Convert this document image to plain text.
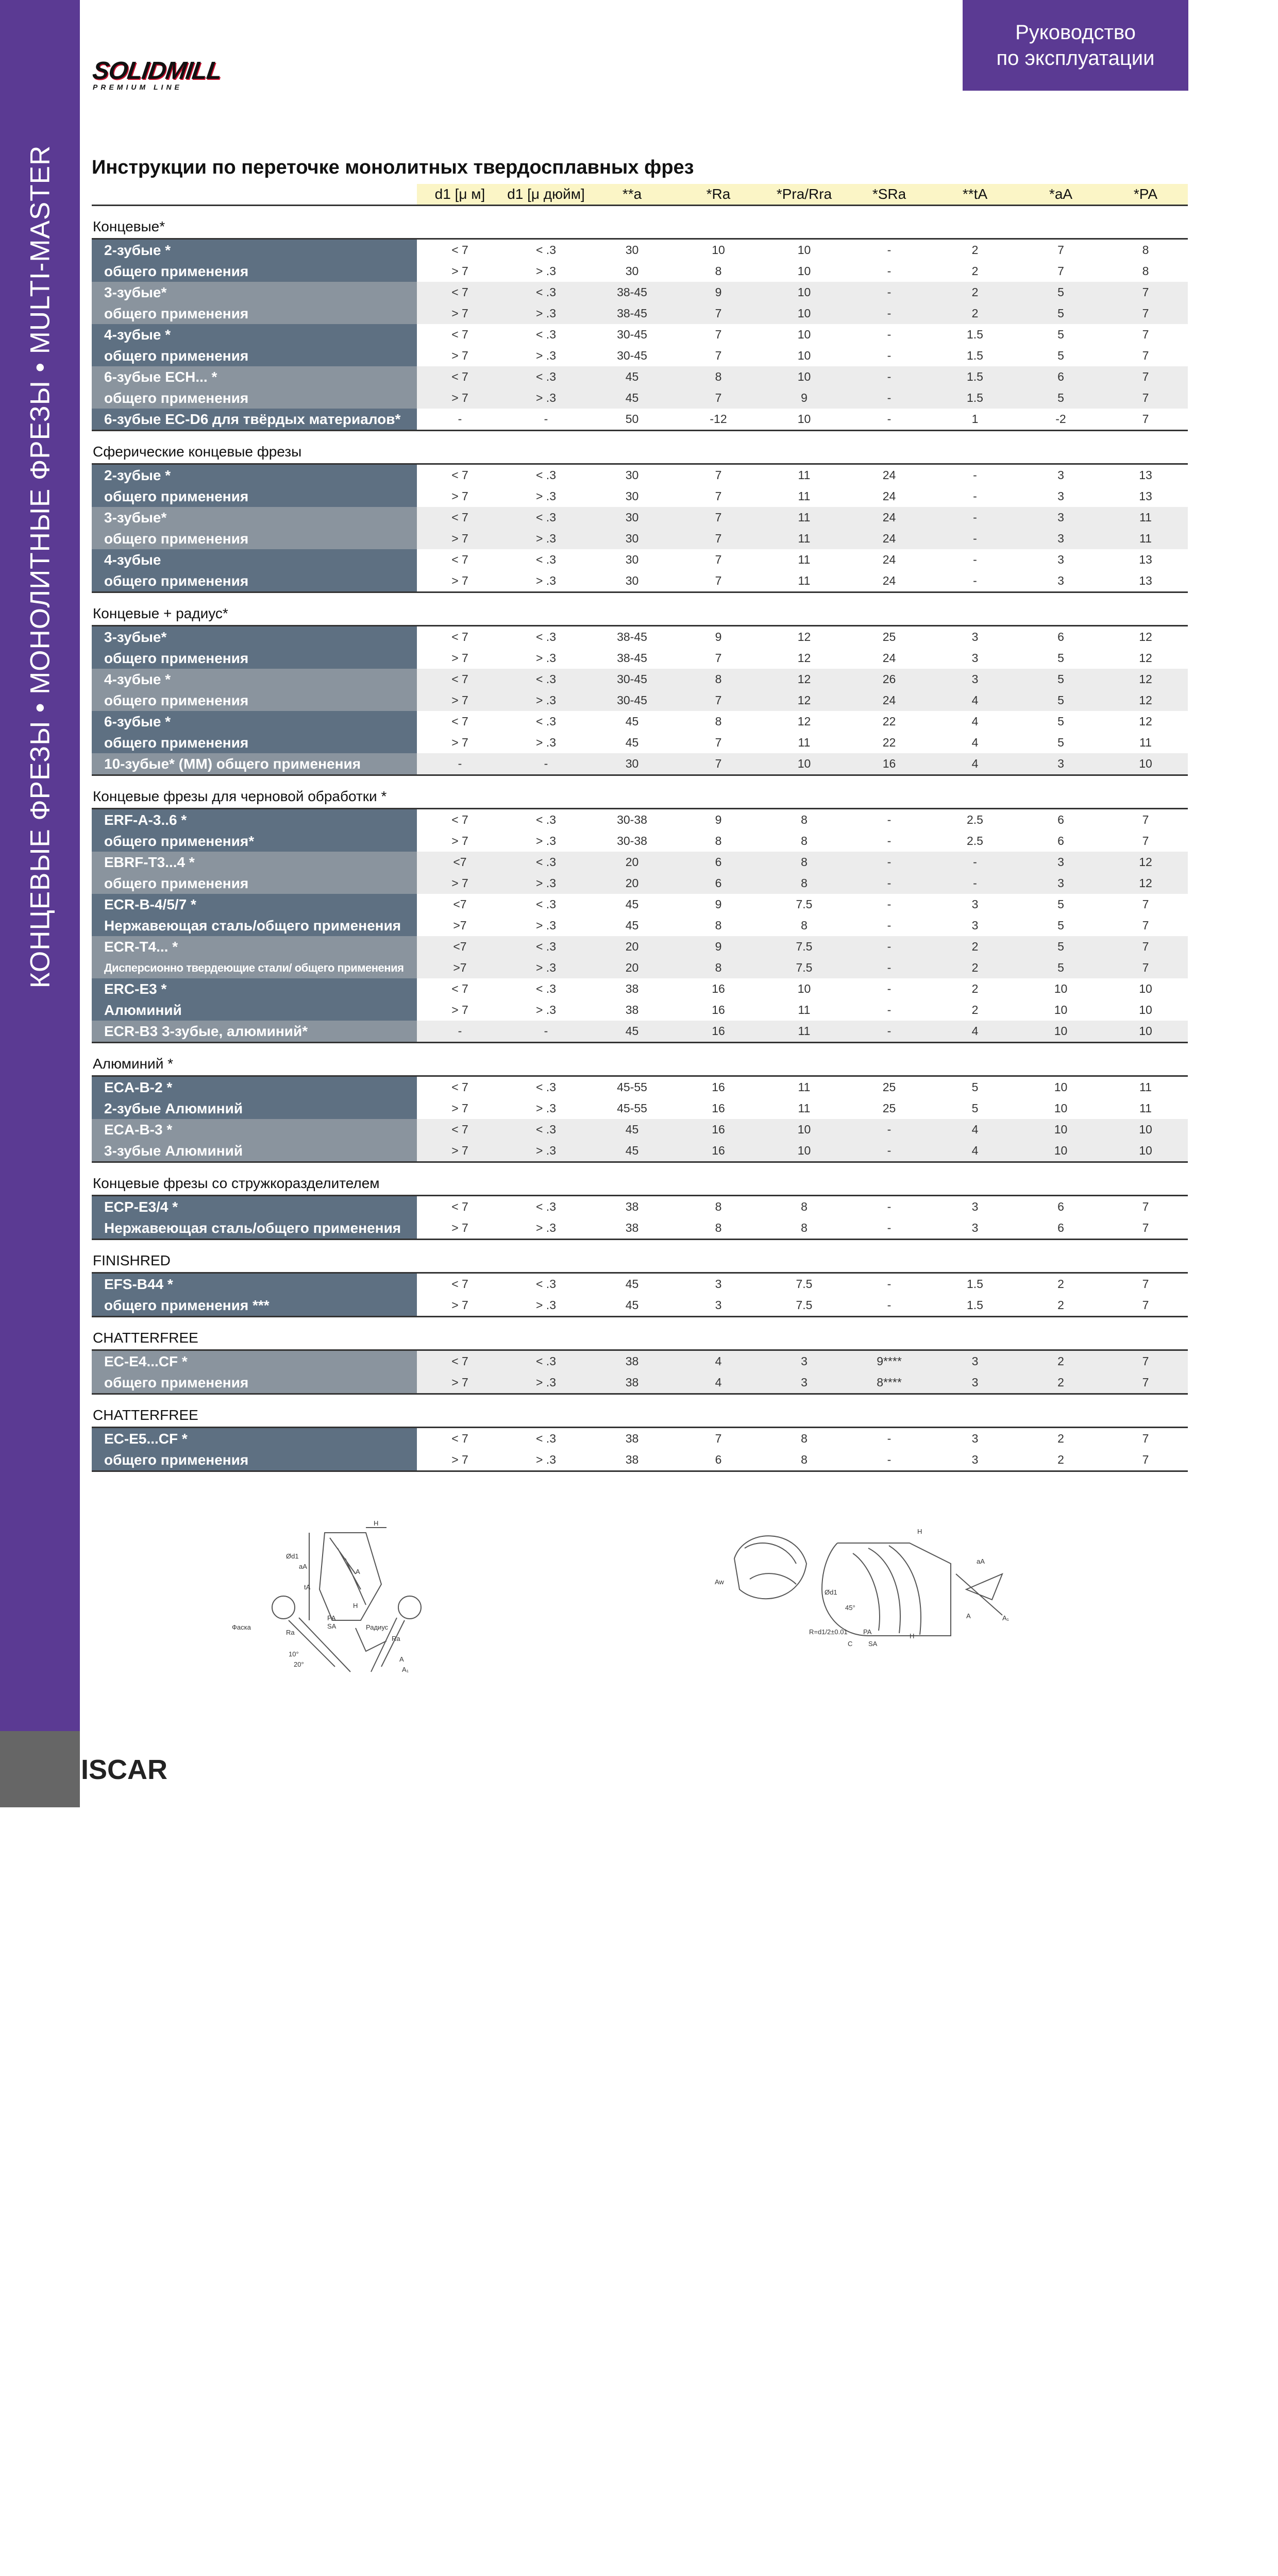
КОНЦЕВЫЕ ФРЕЗЫ • МОНОЛИТНЫЕ ФРЕЗЫ • MULTI-MASTER
ISCAR
Руководство
по эксплуатации
SOLIDMILL
PREMIUM LINE
Инструкции по переточке монолитных твердосплавных фрез
	d1 [μ м]	d1 [μ дюйм]	**a	*Ra	*Pra/Rra	*SRa	**tA	*aA	*PA
Концевые*									
2-зубые *	< 7	< .3	30	10	10	-	2	7	8
общего применения	> 7	> .3	30	8	10	-	2	7	8
3-зубые*	< 7	< .3	38-45	9	10	-	2	5	7
общего применения	> 7	> .3	38-45	7	10	-	2	5	7
4-зубые *	< 7	< .3	30-45	7	10	-	1.5	5	7
общего применения	> 7	> .3	30-45	7	10	-	1.5	5	7
6-зубые ECH... *	< 7	< .3	45	8	10	-	1.5	6	7
общего применения	> 7	> .3	45	7	9	-	1.5	5	7
6-зубые EC-D6 для твёрдых материалов*	-	-	50	-12	10	-	1	-2	7
Сферические концевые фрезы									
2-зубые *	< 7	< .3	30	7	11	24	-	3	13
общего применения	> 7	> .3	30	7	11	24	-	3	13
3-зубые*	< 7	< .3	30	7	11	24	-	3	11
общего применения	> 7	> .3	30	7	11	24	-	3	11
4-зубые	< 7	< .3	30	7	11	24	-	3	13
общего применения	> 7	> .3	30	7	11	24	-	3	13
Концевые + радиус*									
3-зубые*	< 7	< .3	38-45	9	12	25	3	6	12
общего применения	> 7	> .3	38-45	7	12	24	3	5	12
4-зубые *	< 7	< .3	30-45	8	12	26	3	5	12
общего применения	> 7	> .3	30-45	7	12	24	4	5	12
6-зубые *	< 7	< .3	45	8	12	22	4	5	12
общего применения	> 7	> .3	45	7	11	22	4	5	11
10-зубые* (MM) общего применения	-	-	30	7	10	16	4	3	10
Концевые фрезы для черновой обработки *									
ERF-A-3..6 *	< 7	< .3	30-38	9	8	-	2.5	6	7
общего применения*	> 7	> .3	30-38	8	8	-	2.5	6	7
EBRF-T3...4 *	<7	< .3	20	6	8	-	-	3	12
общего применения	> 7	> .3	20	6	8	-	-	3	12
ECR-B-4/5/7 *	<7	< .3	45	9	7.5	-	3	5	7
Нержавеющая сталь/общего применения	>7	> .3	45	8	8	-	3	5	7
ECR-T4... *	<7	< .3	20	9	7.5	-	2	5	7
Дисперсионно твердеющие стали/ общего применения	>7	> .3	20	8	7.5	-	2	5	7
ERC-E3 *	< 7	< .3	38	16	10	-	2	10	10
Алюминий	> 7	> .3	38	16	11	-	2	10	10
ECR-B3 3-зубые, алюминий*	-	-	45	16	11	-	4	10	10
Алюминий *									
ECA-B-2 *	< 7	< .3	45-55	16	11	25	5	10	11
2-зубые Алюминий	> 7	> .3	45-55	16	11	25	5	10	11
ECA-B-3 *	< 7	< .3	45	16	10	-	4	10	10
3-зубые Алюминий	> 7	> .3	45	16	10	-	4	10	10
Концевые фрезы со стружкоразделителем									
ECP-E3/4 *	< 7	< .3	38	8	8	-	3	6	7
Нержавеющая сталь/общего применения	> 7	> .3	38	8	8	-	3	6	7
FINISHRED									
EFS-B44 *	< 7	< .3	45	3	7.5	-	1.5	2	7
общего применения ***	> 7	> .3	45	3	7.5	-	1.5	2	7
CHATTERFREE									
EC-E4...CF *	< 7	< .3	38	4	3	9****	3	2	7
общего применения	> 7	> .3	38	4	3	8****	3	2	7
CHATTERFREE									
EC-E5...CF *	< 7	< .3	38	7	8	-	3	2	7
общего применения	> 7	> .3	38	6	8	-	3	2	7
H
Ød1
aA
A
tA
PA
SA
H
Фаска	Радиус
Ra
Ra
10°
20°
A
A₁
Ød1
45°
R=d1/2±0.01 PA
SA
C
H
H
Aw
aA
A	A₁
